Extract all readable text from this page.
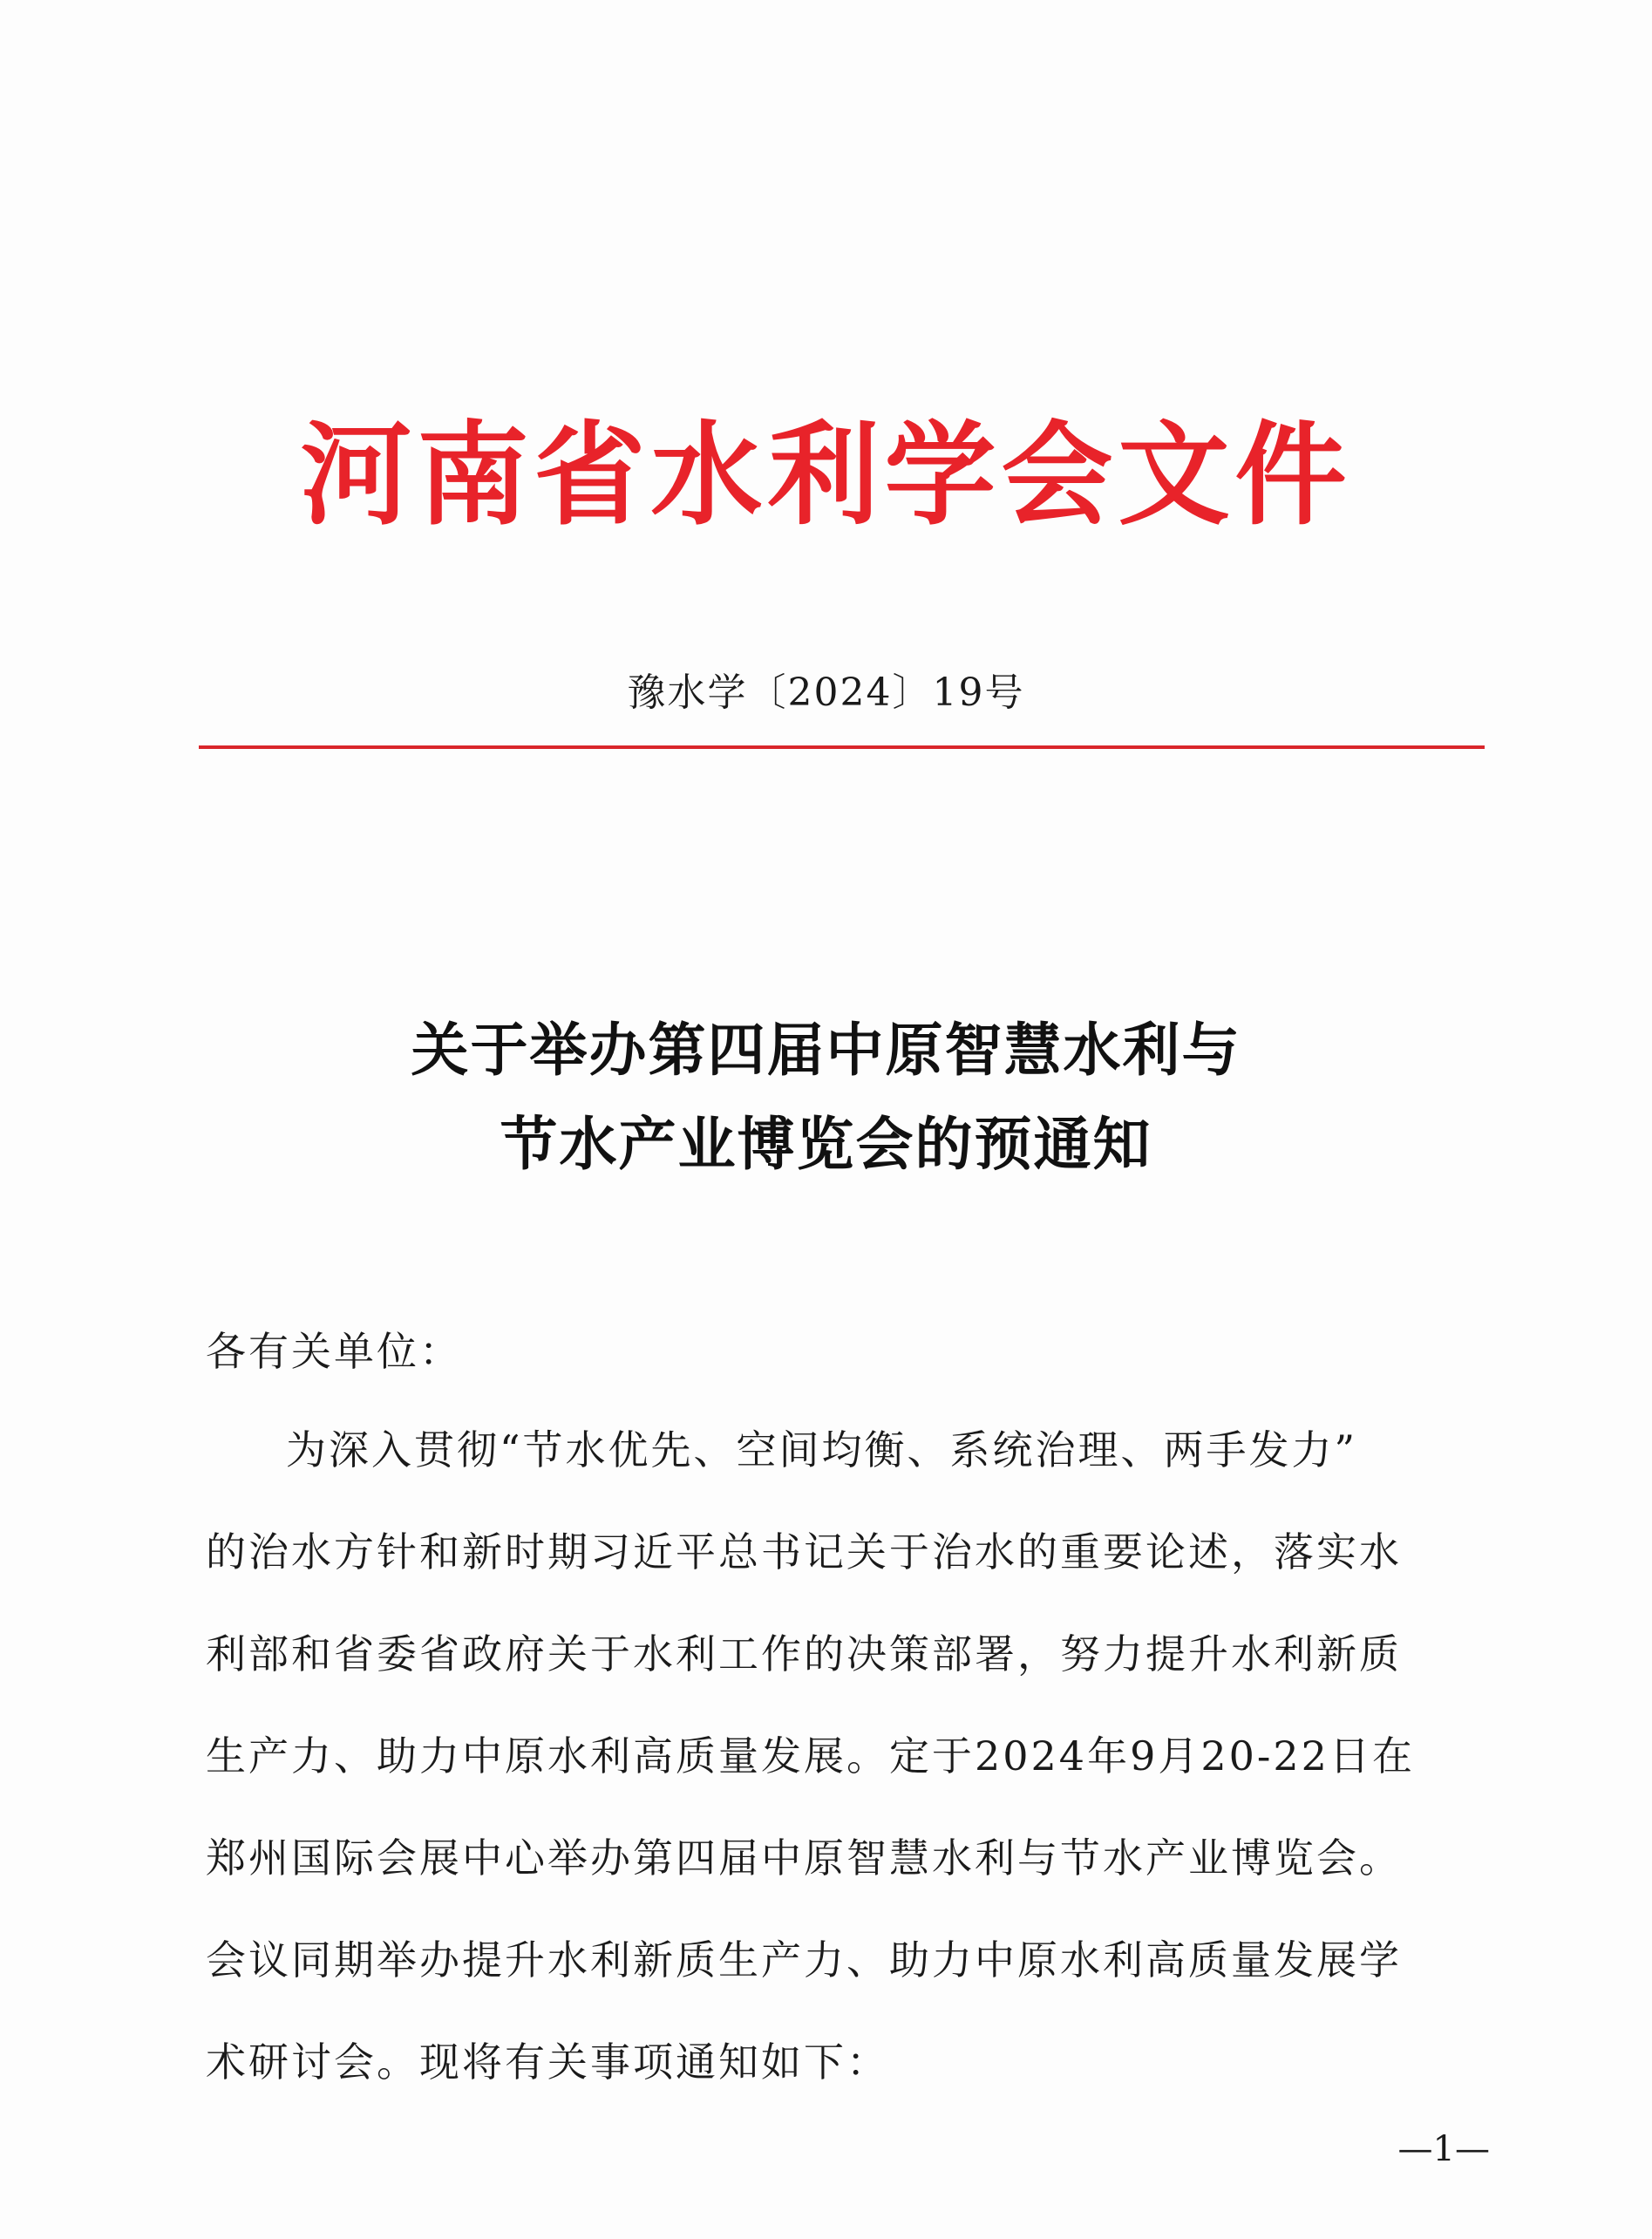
河南省水利学会文件
豫水学〔2024〕19号
关于举办第四届中原智慧水利与
节水产业博览会的预通知
各有关单位：
为深入贯彻“节水优先、空间均衡、系统治理、两手发力”
的治水方针和新时期习近平总书记关于治水的重要论述，落实水
利部和省委省政府关于水利工作的决策部署，努力提升水利新质
生产力、助力中原水利高质量发展。定于2024年9月20-22日在
郑州国际会展中心举办第四届中原智慧水利与节水产业博览会。
会议同期举办提升水利新质生产力、助力中原水利高质量发展学
术研讨会。现将有关事项通知如下：
—1—
